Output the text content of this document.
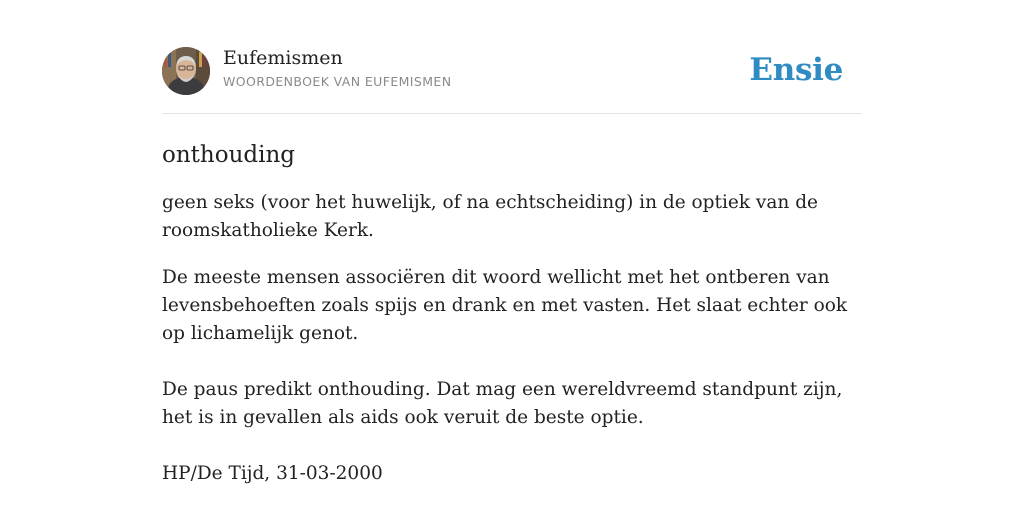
Eufemismen
WOORDENBOEK VAN EUFEMISMEN	Ensie
onthouding
geen seks (voor het huwelijk, of na echtscheiding) in de optiek van de roomskatholieke Kerk.

De meeste mensen associëren dit woord wellicht met het ontberen van levensbehoeften zoals spijs en drank en met vasten. Het slaat echter ook op lichamelijk genot.

De paus predikt onthouding. Dat mag een wereldvreemd standpunt zijn, het is in gevallen als aids ook veruit de beste optie.

HP/De Tijd, 31-03-2000
